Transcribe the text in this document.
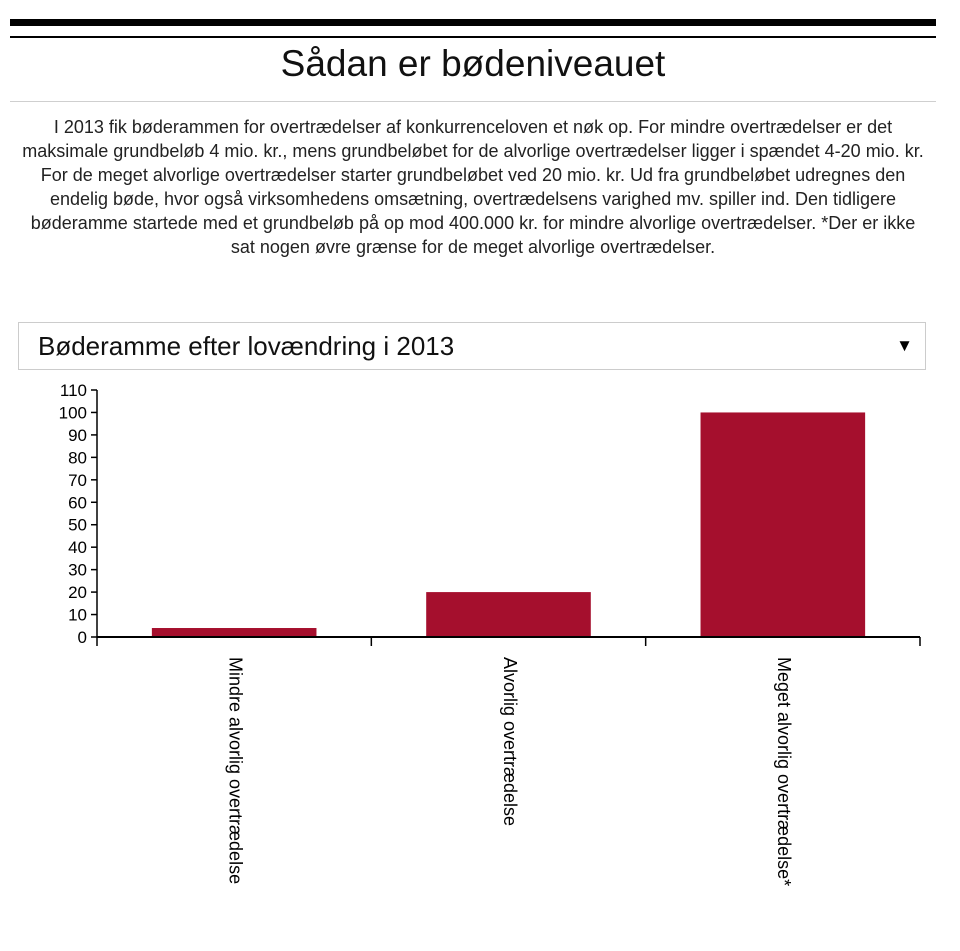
Sådan er bødeniveauet

I 2013 fik bøderammen for overtrædelser af konkurrenceloven et nøk op. For mindre overtrædelser er det maksimale grundbeløb 4 mio. kr., mens grundbeløbet for de alvorlige overtrædelser ligger i spændet 4-20 mio. kr. For de meget alvorlige overtrædelser starter grundbeløbet ved 20 mio. kr. Ud fra grundbeløbet udregnes den endelig bøde, hvor også virksomhedens omsætning, overtrædelsens varighed mv. spiller ind. Den tidligere bøderamme startede med et grundbeløb på op mod 400.000 kr. for mindre alvorlige overtrædelser. *Der er ikke sat nogen øvre grænse for de meget alvorlige overtrædelser.

Bøderamme efter lovændring i 2013	▼
0
10
20
30
40
50
60
70
80
90
100
110
Mindre alvorlig overtrædelse	Alvorlig overtrædelse	Meget alvorlig overtrædelse*
